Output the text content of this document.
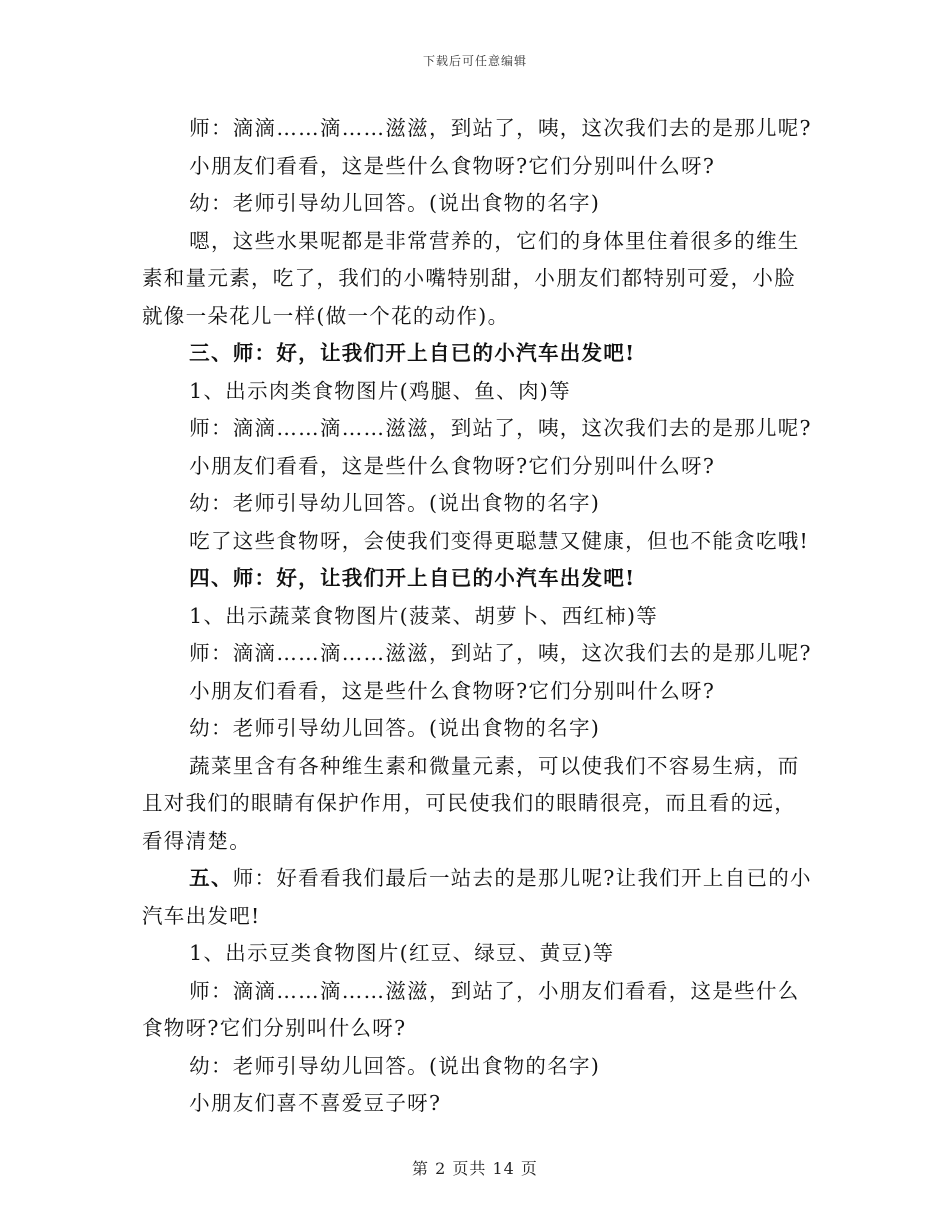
下载后可任意编辑

师：滴滴……滴……滋滋，到站了，咦，这次我们去的是那儿呢?

小朋友们看看，这是些什么食物呀?它们分别叫什么呀?

幼：老师引导幼儿回答。(说出食物的名字)

嗯，这些水果呢都是非常营养的，它们的身体里住着很多的维生素和量元素，吃了，我们的小嘴特别甜，小朋友们都特别可爱，小脸就像一朵花儿一样(做一个花的动作)。

三、师：好，让我们开上自已的小汽车出发吧!

1、出示肉类食物图片(鸡腿、鱼、肉)等

师：滴滴……滴……滋滋，到站了，咦，这次我们去的是那儿呢?

小朋友们看看，这是些什么食物呀?它们分别叫什么呀?

幼：老师引导幼儿回答。(说出食物的名字)

吃了这些食物呀，会使我们变得更聪慧又健康，但也不能贪吃哦!

四、师：好，让我们开上自已的小汽车出发吧!

1、出示蔬菜食物图片(菠菜、胡萝卜、西红柿)等

师：滴滴……滴……滋滋，到站了，咦，这次我们去的是那儿呢?

小朋友们看看，这是些什么食物呀?它们分别叫什么呀?

幼：老师引导幼儿回答。(说出食物的名字)

蔬菜里含有各种维生素和微量元素，可以使我们不容易生病，而且对我们的眼睛有保护作用，可民使我们的眼睛很亮，而且看的远，看得清楚。

五、师：好看看我们最后一站去的是那儿呢?让我们开上自已的小汽车出发吧!

1、出示豆类食物图片(红豆、绿豆、黄豆)等

师：滴滴……滴……滋滋，到站了，小朋友们看看，这是些什么食物呀?它们分别叫什么呀?

幼：老师引导幼儿回答。(说出食物的名字)

小朋友们喜不喜爱豆子呀?

第 2 页共 14 页
